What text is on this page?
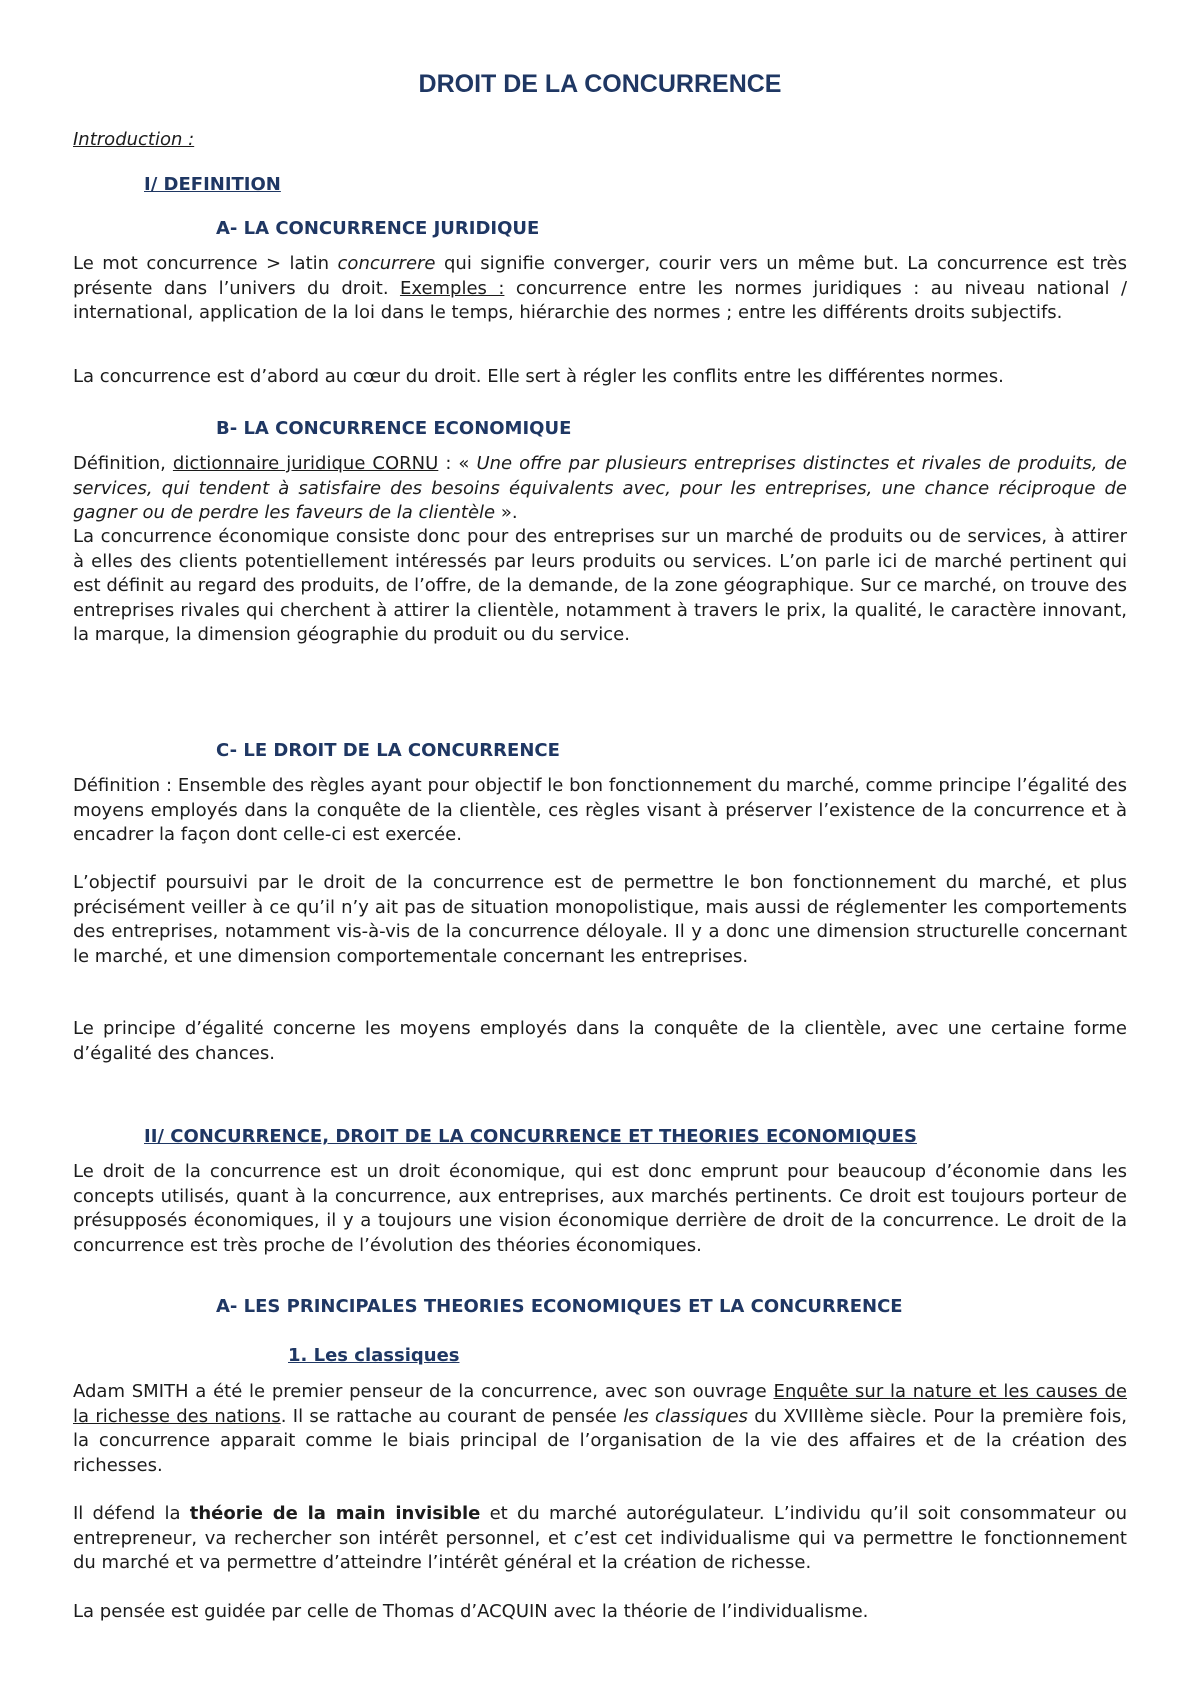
DROIT DE LA CONCURRENCE
Introduction :
I/ DEFINITION
A- LA CONCURRENCE JURIDIQUE

Le mot concurrence > latin concurrere qui signifie converger, courir vers un même but. La concurrence est très présente dans l’univers du droit. Exemples : concurrence entre les normes juridiques : au niveau national / international, application de la loi dans le temps, hiérarchie des normes ; entre les différents droits subjectifs.

La concurrence est d’abord au cœur du droit. Elle sert à régler les conflits entre les différentes normes.

B- LA CONCURRENCE ECONOMIQUE

Définition, dictionnaire juridique CORNU : « Une offre par plusieurs entreprises distinctes et rivales de produits, de services, qui tendent à satisfaire des besoins équivalents avec, pour les entreprises, une chance réciproque de gagner ou de perdre les faveurs de la clientèle ».

La concurrence économique consiste donc pour des entreprises sur un marché de produits ou de services, à attirer à elles des clients potentiellement intéressés par leurs produits ou services. L’on parle ici de marché pertinent qui est définit au regard des produits, de l’offre, de la demande, de la zone géographique. Sur ce marché, on trouve des entreprises rivales qui cherchent à attirer la clientèle, notamment à travers le prix, la qualité, le caractère innovant, la marque, la dimension géographie du produit ou du service.

C- LE DROIT DE LA CONCURRENCE

Définition : Ensemble des règles ayant pour objectif le bon fonctionnement du marché, comme principe l’égalité des moyens employés dans la conquête de la clientèle, ces règles visant à préserver l’existence de la concurrence et à encadrer la façon dont celle-ci est exercée.

L’objectif poursuivi par le droit de la concurrence est de permettre le bon fonctionnement du marché, et plus précisément veiller à ce qu’il n’y ait pas de situation monopolistique, mais aussi de réglementer les comportements des entreprises, notamment vis-à-vis de la concurrence déloyale. Il y a donc une dimension structurelle concernant le marché, et une dimension comportementale concernant les entreprises.

Le principe d’égalité concerne les moyens employés dans la conquête de la clientèle, avec une certaine forme d’égalité des chances.

II/ CONCURRENCE, DROIT DE LA CONCURRENCE ET THEORIES ECONOMIQUES

Le droit de la concurrence est un droit économique, qui est donc emprunt pour beaucoup d’économie dans les concepts utilisés, quant à la concurrence, aux entreprises, aux marchés pertinents. Ce droit est toujours porteur de présupposés économiques, il y a toujours une vision économique derrière de droit de la concurrence. Le droit de la concurrence est très proche de l’évolution des théories économiques.

A- LES PRINCIPALES THEORIES ECONOMIQUES ET LA CONCURRENCE
1. Les classiques

Adam SMITH a été le premier penseur de la concurrence, avec son ouvrage Enquête sur la nature et les causes de la richesse des nations. Il se rattache au courant de pensée les classiques du XVIIIème siècle. Pour la première fois, la concurrence apparait comme le biais principal de l’organisation de la vie des affaires et de la création des richesses.

Il défend la théorie de la main invisible et du marché autorégulateur. L’individu qu’il soit consommateur ou entrepreneur, va rechercher son intérêt personnel, et c’est cet individualisme qui va permettre le fonctionnement du marché et va permettre d’atteindre l’intérêt général et la création de richesse.

La pensée est guidée par celle de Thomas d’ACQUIN avec la théorie de l’individualisme.
